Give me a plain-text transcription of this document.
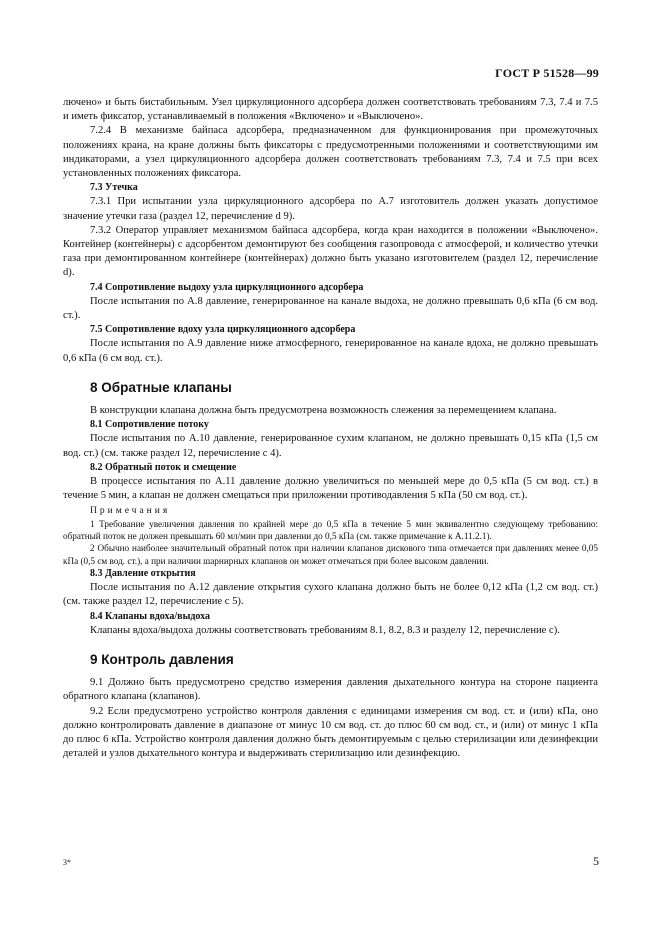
ГОСТ Р 51528—99

лючено» и быть бистабильным. Узел циркуляционного адсорбера должен соответствовать требованиям 7.3, 7.4 и 7.5 и иметь фиксатор, устанавливаемый в положения «Включено» и «Выключено».

7.2.4 В механизме байпаса адсорбера, предназначенном для функционирования при промежуточных положениях крана, на кране должны быть фиксаторы с предусмотренными положениями и соответствующими им индикаторами, а узел циркуляционного адсорбера должен соответствовать требованиям 7.3, 7.4 и 7.5 при всех установленных положениях фиксатора.

7.3 Утечка

7.3.1 При испытании узла циркуляционного адсорбера по А.7 изготовитель должен указать допустимое значение утечки газа (раздел 12, перечисление d 9).

7.3.2 Оператор управляет механизмом байпаса адсорбера, когда кран находится в положении «Выключено». Контейнер (контейнеры) с адсорбентом демонтируют без сообщения газопровода с атмосферой, и количество утечки газа при демонтированном контейнере (контейнерах) должно быть указано изготовителем (раздел 12, перечисление d).

7.4 Сопротивление выдоху узла циркуляционного адсорбера

После испытания по А.8 давление, генерированное на канале выдоха, не должно превышать 0,6 кПа (6 см вод. ст.).

7.5 Сопротивление вдоху узла циркуляционного адсорбера

После испытания по А.9 давление ниже атмосферного, генерированное на канале вдоха, не должно превышать 0,6 кПа (6 см вод. ст.).

8 Обратные клапаны

В конструкции клапана должна быть предусмотрена возможность слежения за перемещением клапана.

8.1 Сопротивление потоку

После испытания по А.10 давление, генерированное сухим клапаном, не должно превышать 0,15 кПа (1,5 см вод. ст.) (см. также раздел 12, перечисление c 4).

8.2 Обратный поток и смещение

В процессе испытания по А.11 давление должно увеличиться по меньшей мере до 0,5 кПа (5 см вод. ст.) в течение 5 мин, а клапан не должен смещаться при приложении противодавления 5 кПа (50 см вод. ст.).

Примечания

1 Требование увеличения давления по крайней мере до 0,5 кПа в течение 5 мин эквивалентно следующему требованию: обратный поток не должен превышать 60 мл/мин при давлении до 0,5 кПа (см. также примечание к А.11.2.1).

2 Обычно наиболее значительный обратный поток при наличии клапанов дискового типа отмечается при давлениях менее 0,05 кПа (0,5 см вод. ст.), а при наличии шарнирных клапанов он может отмечаться при более высоком давлении.

8.3 Давление открытия

После испытания по А.12 давление открытия сухого клапана должно быть не более 0,12 кПа (1,2 см вод. ст.) (см. также раздел 12, перечисление c 5).

8.4 Клапаны вдоха/выдоха

Клапаны вдоха/выдоха должны соответствовать требованиям 8.1, 8.2, 8.3 и разделу 12, перечисление c).

9 Контроль давления

9.1 Должно быть предусмотрено средство измерения давления дыхательного контура на стороне пациента обратного клапана (клапанов).

9.2 Если предусмотрено устройство контроля давления с единицами измерения см вод. ст. и (или) кПа, оно должно контролировать давление в диапазоне от минус 10 см вод. ст. до плюс 60 см вод. ст., и (или) от минус 1 кПа до плюс 6 кПа. Устройство контроля давления должно быть демонтируемым с целью стерилизации или дезинфекции деталей и узлов дыхательного контура и выдерживать стерилизацию или дезинфекцию.

3*	5
